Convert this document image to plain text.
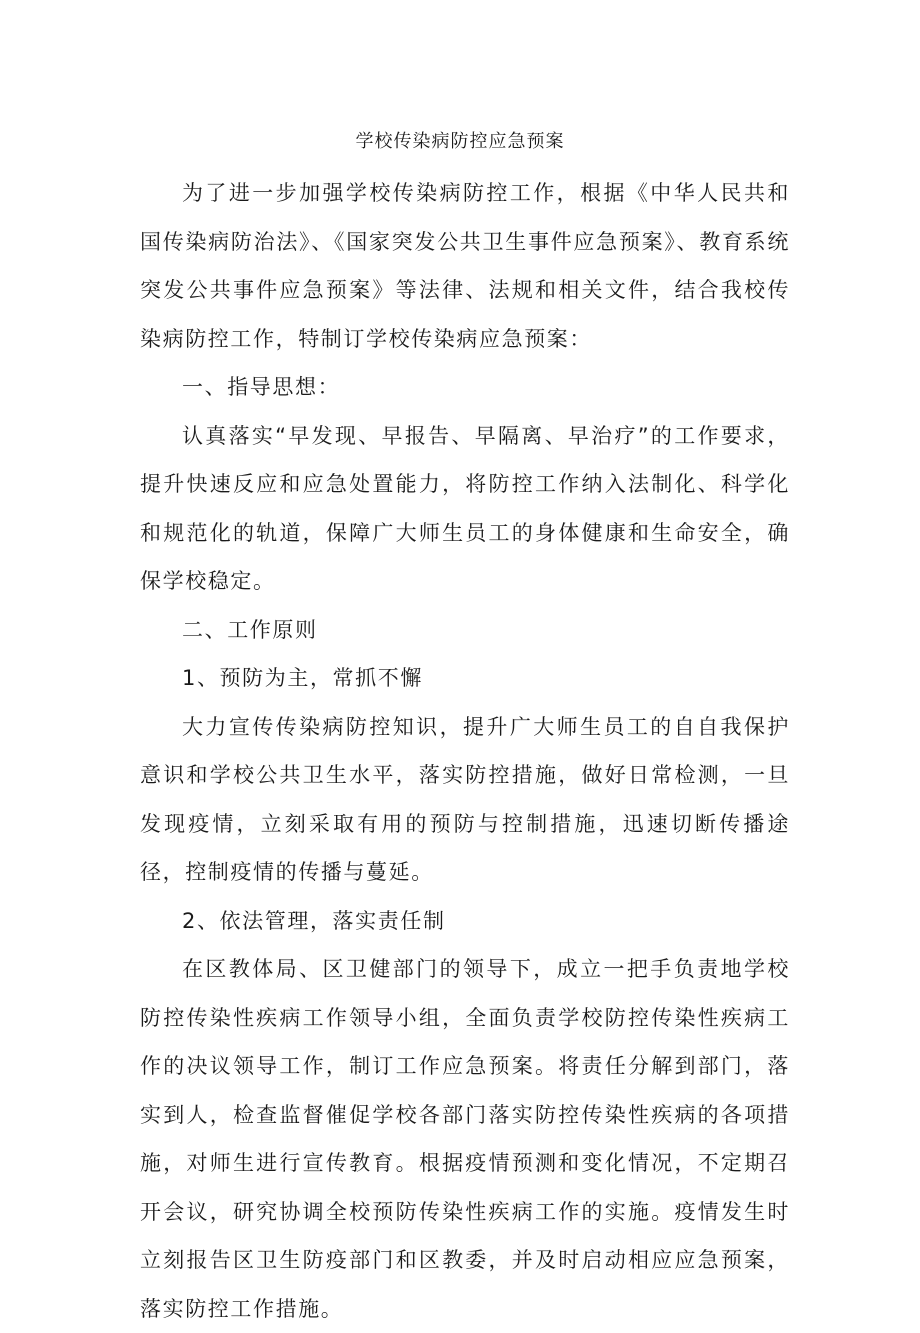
学校传染病防控应急预案

为了进一步加强学校传染病防控工作，根据《中华人民共和国传染病防治法》、《国家突发公共卫生事件应急预案》、教育系统突发公共事件应急预案》等法律、法规和相关文件，结合我校传染病防控工作，特制订学校传染病应急预案：

一、指导思想：

认真落实“早发现、早报告、早隔离、早治疗”的工作要求，提升快速反应和应急处置能力，将防控工作纳入法制化、科学化和规范化的轨道，保障广大师生员工的身体健康和生命安全，确保学校稳定。

二、工作原则

1、预防为主，常抓不懈

大力宣传传染病防控知识，提升广大师生员工的自自我保护意识和学校公共卫生水平，落实防控措施，做好日常检测，一旦发现疫情，立刻采取有用的预防与控制措施，迅速切断传播途径，控制疫情的传播与蔓延。

2、依法管理，落实责任制

在区教体局、区卫健部门的领导下，成立一把手负责地学校防控传染性疾病工作领导小组，全面负责学校防控传染性疾病工作的决议领导工作，制订工作应急预案。将责任分解到部门，落实到人，检查监督催促学校各部门落实防控传染性疾病的各项措施，对师生进行宣传教育。根据疫情预测和变化情况，不定期召开会议，研究协调全校预防传染性疾病工作的实施。疫情发生时立刻报告区卫生防疫部门和区教委，并及时启动相应应急预案，落实防控工作措施。
